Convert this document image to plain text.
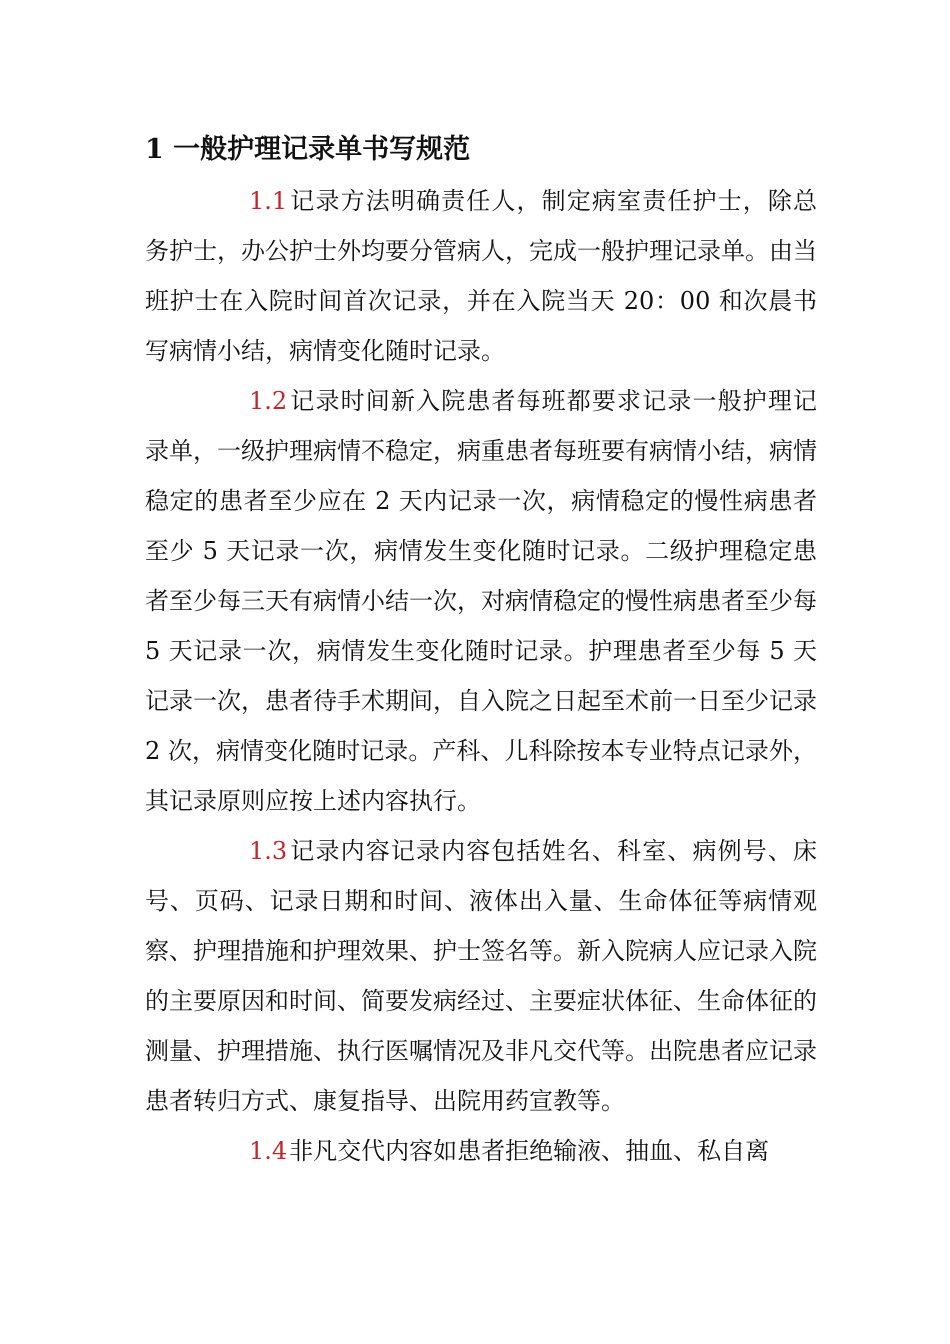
1 一般护理记录单书写规范

1.1记录方法明确责任人，制定病室责任护士，除总务护士，办公护士外均要分管病人，完成一般护理记录单。由当班护士在入院时间首次记录，并在入院当天 20：00 和次晨书写病情小结，病情变化随时记录。

1.2记录时间新入院患者每班都要求记录一般护理记录单，一级护理病情不稳定，病重患者每班要有病情小结，病情稳定的患者至少应在 2 天内记录一次，病情稳定的慢性病患者至少 5 天记录一次，病情发生变化随时记录。二级护理稳定患者至少每三天有病情小结一次，对病情稳定的慢性病患者至少每 5 天记录一次，病情发生变化随时记录。护理患者至少每 5 天记录一次，患者待手术期间，自入院之日起至术前一日至少记录 2 次，病情变化随时记录。产科、儿科除按本专业特点记录外，其记录原则应按上述内容执行。

1.3记录内容记录内容包括姓名、科室、病例号、床号、页码、记录日期和时间、液体出入量、生命体征等病情观察、护理措施和护理效果、护士签名等。新入院病人应记录入院的主要原因和时间、简要发病经过、主要症状体征、生命体征的测量、护理措施、执行医嘱情况及非凡交代等。出院患者应记录患者转归方式、康复指导、出院用药宣教等。

1.4非凡交代内容如患者拒绝输液、抽血、私自离
